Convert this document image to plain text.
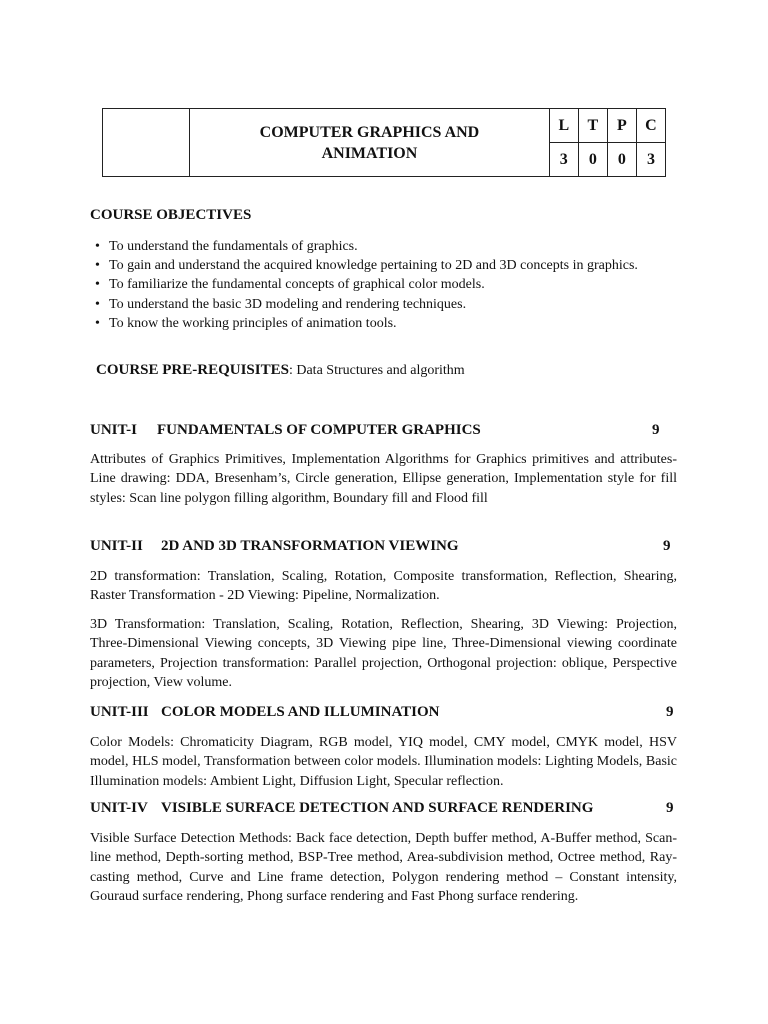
	COMPUTER GRAPHICS AND
ANIMATION	L	T	P	C
		3	0	0	3
COURSE OBJECTIVES
• To understand the fundamentals of graphics.
• To gain and understand the acquired knowledge pertaining to 2D and 3D concepts in graphics.
• To familiarize the fundamental concepts of graphical color models.
• To understand the basic 3D modeling and rendering techniques.
• To know the working principles of animation tools.
COURSE PRE-REQUISITES: Data Structures and algorithm
UNIT-I FUNDAMENTALS OF COMPUTER GRAPHICS	9
Attributes of Graphics Primitives, Implementation Algorithms for Graphics primitives and attributes-Line drawing: DDA, Bresenham’s, Circle generation, Ellipse generation, Implementation style for fill styles: Scan line polygon filling algorithm, Boundary fill and Flood fill
UNIT-II 2D AND 3D TRANSFORMATION VIEWING	9
2D transformation: Translation, Scaling, Rotation, Composite transformation, Reflection, Shearing, Raster Transformation - 2D Viewing: Pipeline, Normalization.
3D Transformation: Translation, Scaling, Rotation, Reflection, Shearing, 3D Viewing: Projection, Three-Dimensional Viewing concepts, 3D Viewing pipe line, Three-Dimensional viewing coordinate parameters, Projection transformation: Parallel projection, Orthogonal projection: oblique, Perspective projection, View volume.
UNIT-III COLOR MODELS AND ILLUMINATION	9
Color Models: Chromaticity Diagram, RGB model, YIQ model, CMY model, CMYK model, HSV model, HLS model, Transformation between color models. Illumination models: Lighting Models, Basic Illumination models: Ambient Light, Diffusion Light, Specular reflection.
UNIT-IV VISIBLE SURFACE DETECTION AND SURFACE RENDERING	9
Visible Surface Detection Methods: Back face detection, Depth buffer method, A-Buffer method, Scan-line method, Depth-sorting method, BSP-Tree method, Area-subdivision method, Octree method, Ray-casting method, Curve and Line frame detection, Polygon rendering method – Constant intensity, Gouraud surface rendering, Phong surface rendering and Fast Phong surface rendering.
